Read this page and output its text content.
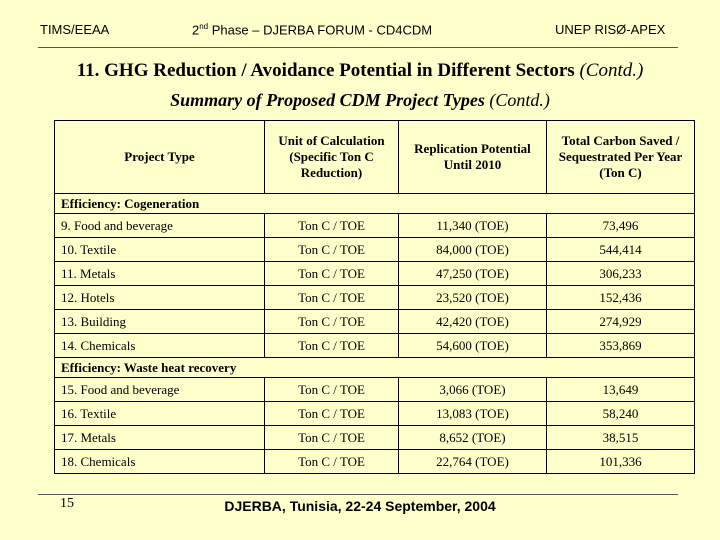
TIMS/EEAA	2nd Phase – DJERBA FORUM - CD4CDM	UNEP RISØ-APEX
11. GHG Reduction / Avoidance Potential in Different Sectors (Contd.)
Summary of Proposed CDM Project Types (Contd.)
Project Type	Unit of Calculation (Specific Ton C Reduction)	Replication Potential Until 2010	Total Carbon Saved / Sequestrated Per Year (Ton C)
Efficiency: Cogeneration			
9. Food and beverage	Ton C / TOE	11,340 (TOE)	73,496
10. Textile	Ton C / TOE	84,000 (TOE)	544,414
11. Metals	Ton C / TOE	47,250 (TOE)	306,233
12. Hotels	Ton C / TOE	23,520 (TOE)	152,436
13. Building	Ton C / TOE	42,420 (TOE)	274,929
14. Chemicals	Ton C / TOE	54,600 (TOE)	353,869
Efficiency: Waste heat recovery			
15. Food and beverage	Ton C / TOE	3,066 (TOE)	13,649
16. Textile	Ton C / TOE	13,083 (TOE)	58,240
17. Metals	Ton C / TOE	8,652 (TOE)	38,515
18. Chemicals	Ton C / TOE	22,764 (TOE)	101,336
15	DJERBA, Tunisia, 22-24 September, 2004
